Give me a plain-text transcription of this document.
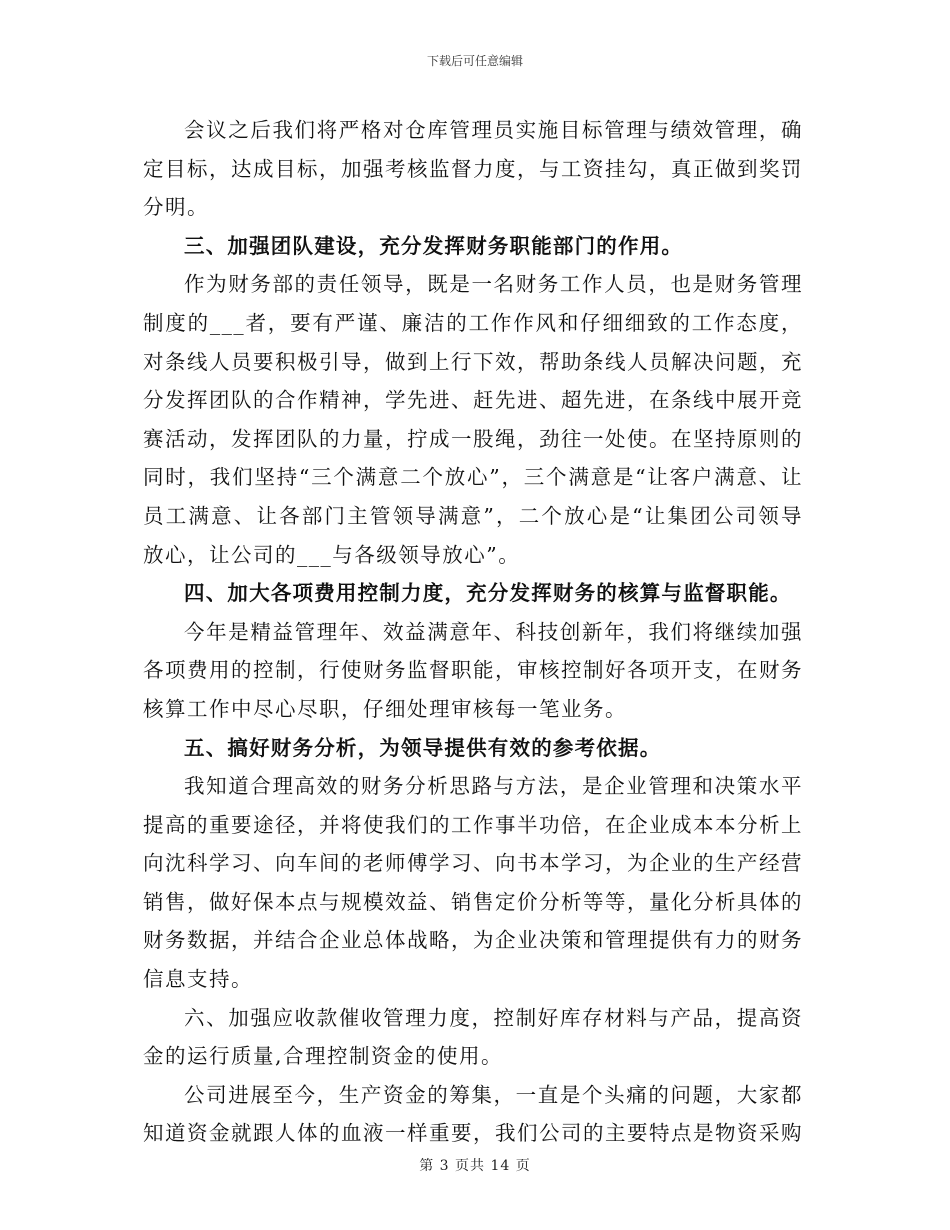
下载后可任意编辑

会议之后我们将严格对仓库管理员实施目标管理与绩效管理，确定目标，达成目标，加强考核监督力度，与工资挂勾，真正做到奖罚分明。

三、加强团队建设，充分发挥财务职能部门的作用。

作为财务部的责任领导，既是一名财务工作人员，也是财务管理制度的___者，要有严谨、廉洁的工作作风和仔细细致的工作态度，对条线人员要积极引导，做到上行下效，帮助条线人员解决问题，充分发挥团队的合作精神，学先进、赶先进、超先进，在条线中展开竞赛活动，发挥团队的力量，拧成一股绳，劲往一处使。在坚持原则的同时，我们坚持“三个满意二个放心”，三个满意是“让客户满意、让员工满意、让各部门主管领导满意”，二个放心是“让集团公司领导放心，让公司的___与各级领导放心”。

四、加大各项费用控制力度，充分发挥财务的核算与监督职能。

今年是精益管理年、效益满意年、科技创新年，我们将继续加强各项费用的控制，行使财务监督职能，审核控制好各项开支，在财务核算工作中尽心尽职，仔细处理审核每一笔业务。

五、搞好财务分析，为领导提供有效的参考依据。

我知道合理高效的财务分析思路与方法，是企业管理和决策水平提高的重要途径，并将使我们的工作事半功倍，在企业成本本分析上向沈科学习、向车间的老师傅学习、向书本学习，为企业的生产经营销售，做好保本点与规模效益、销售定价分析等等，量化分析具体的财务数据，并结合企业总体战略，为企业决策和管理提供有力的财务信息支持。

六、加强应收款催收管理力度，控制好库存材料与产品，提高资金的运行质量,合理控制资金的使用。

公司进展至今，生产资金的筹集，一直是个头痛的问题，大家都知道资金就跟人体的血液一样重要，我们公司的主要特点是物资采购

第 3 页共 14 页
